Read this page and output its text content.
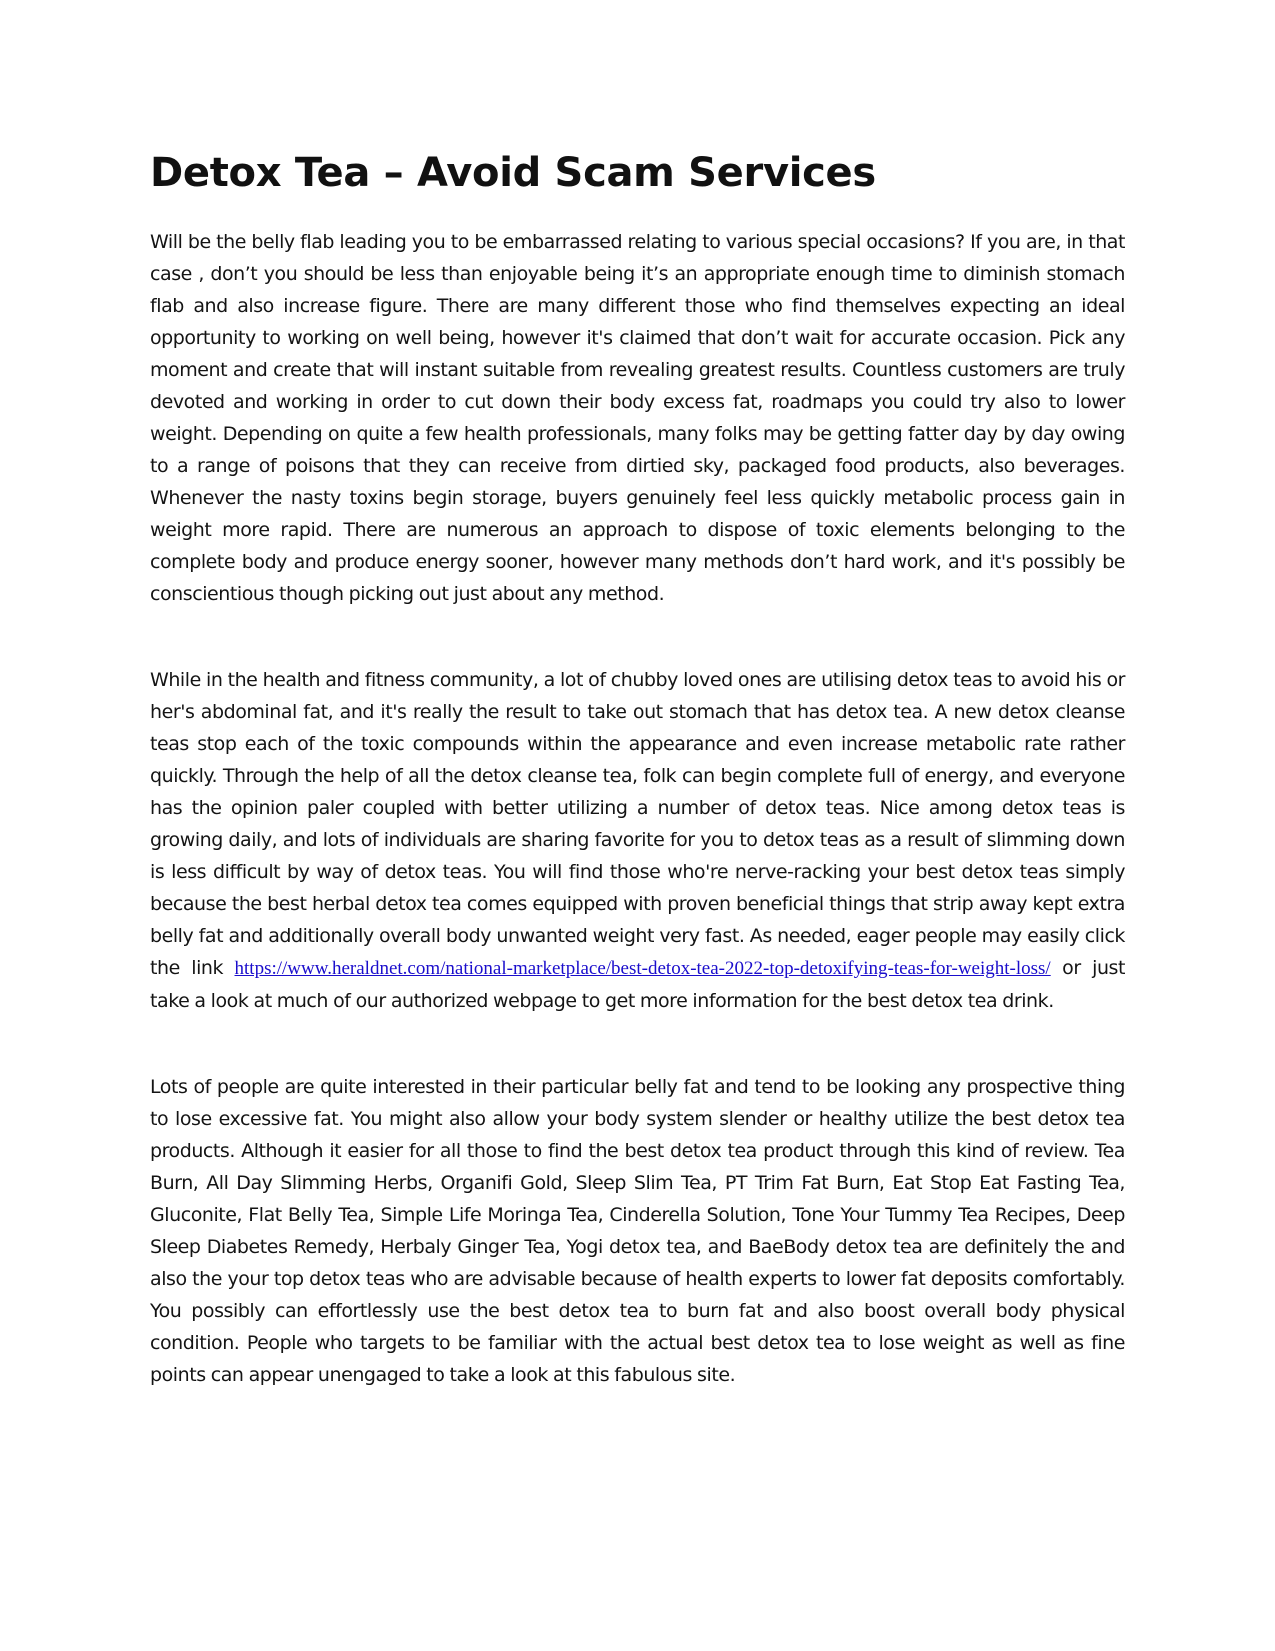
Detox Tea – Avoid Scam Services

Will be the belly flab leading you to be embarrassed relating to various special occasions? If you are, in that case , don’t you should be less than enjoyable being it’s an appropriate enough time to diminish stomach flab and also increase figure. There are many different those who find themselves expecting an ideal opportunity to working on well being, however it's claimed that don’t wait for accurate occasion. Pick any moment and create that will instant suitable from revealing greatest results. Countless customers are truly devoted and working in order to cut down their body excess fat, roadmaps you could try also to lower weight. Depending on quite a few health professionals, many folks may be getting fatter day by day owing to a range of poisons that they can receive from dirtied sky, packaged food products, also beverages. Whenever the nasty toxins begin storage, buyers genuinely feel less quickly metabolic process gain in weight more rapid. There are numerous an approach to dispose of toxic elements belonging to the complete body and produce energy sooner, however many methods don’t hard work, and it's possibly be conscientious though picking out just about any method.

While in the health and fitness community, a lot of chubby loved ones are utilising detox teas to avoid his or her's abdominal fat, and it's really the result to take out stomach that has detox tea. A new detox cleanse teas stop each of the toxic compounds within the appearance and even increase metabolic rate rather quickly. Through the help of all the detox cleanse tea, folk can begin complete full of energy, and everyone has the opinion paler coupled with better utilizing a number of detox teas. Nice among detox teas is growing daily, and lots of individuals are sharing favorite for you to detox teas as a result of slimming down is less difficult by way of detox teas. You will find those who're nerve-racking your best detox teas simply because the best herbal detox tea comes equipped with proven beneficial things that strip away kept extra belly fat and additionally overall body unwanted weight very fast. As needed, eager people may easily click the link https://www.heraldnet.com/national-marketplace/best-detox-tea-2022-top-detoxifying-teas-for-weight-loss/ or just take a look at much of our authorized webpage to get more information for the best detox tea drink.

Lots of people are quite interested in their particular belly fat and tend to be looking any prospective thing to lose excessive fat. You might also allow your body system slender or healthy utilize the best detox tea products. Although it easier for all those to find the best detox tea product through this kind of review. Tea Burn, All Day Slimming Herbs, Organifi Gold, Sleep Slim Tea, PT Trim Fat Burn, Eat Stop Eat Fasting Tea, Gluconite, Flat Belly Tea, Simple Life Moringa Tea, Cinderella Solution, Tone Your Tummy Tea Recipes, Deep Sleep Diabetes Remedy, Herbaly Ginger Tea, Yogi detox tea, and BaeBody detox tea are definitely the and also the your top detox teas who are advisable because of health experts to lower fat deposits comfortably. You possibly can effortlessly use the best detox tea to burn fat and also boost overall body physical condition. People who targets to be familiar with the actual best detox tea to lose weight as well as fine points can appear unengaged to take a look at this fabulous site.
